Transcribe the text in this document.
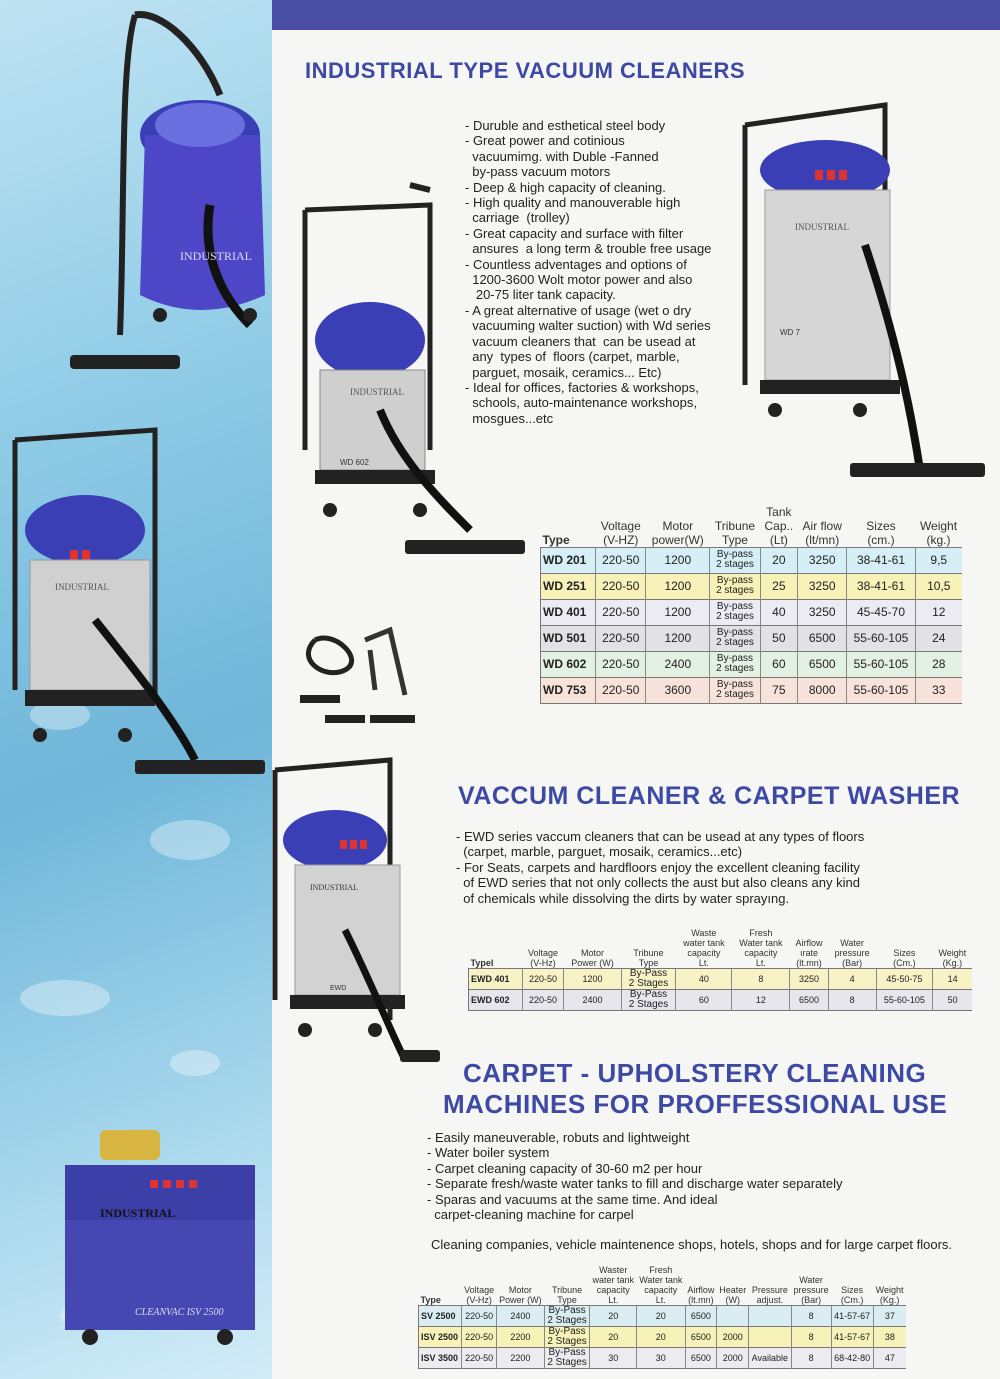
INDUSTRIAL
INDUSTRIAL
WD 602
INDUSTRIAL
WD 7
INDUSTRIAL
INDUSTRIAL
EWD
INDUSTRIAL
CLEANVAC ISV 2500
INDUSTRIAL TYPE VACUUM CLEANERS
- Duruble and esthetical steel body
- Great power and cotinious
vacuumimg. with Duble -Fanned
by-pass vacuum motors
- Deep & high capacity of cleaning.
- High quality and manouverable high
carriage  (trolley)
- Great capacity and surface with filter
ansures  a long term & trouble free usage
- Countless adventages and options of
1200-3600 Wolt motor power and also
20-75 liter tank capacity.
- A great alternative of usage (wet o dry
vacuuming walter suction) with Wd series
vacuum cleaners that  can be usead at
any  types of  floors (carpet, marble,
parguet, mosaik, ceramics... Etc)
- Ideal for offices, factories & workshops,
schools, auto-maintenance workshops,
mosgues...etc
Type	Voltage
(V-HZ)	Motor
power(W)	Tribune
Type	Tank
Cap..
(Lt)	Air flow
(lt/mn)	Sizes
(cm.)	Weight
(kg.)
WD 201	220-50	1200	By-pass
2 stages	20	3250	38-41-61	9,5
WD 251	220-50	1200	By-pass
2 stages	25	3250	38-41-61	10,5
WD 401	220-50	1200	By-pass
2 stages	40	3250	45-45-70	12
WD 501	220-50	1200	By-pass
2 stages	50	6500	55-60-105	24
WD 602	220-50	2400	By-pass
2 stages	60	6500	55-60-105	28
WD 753	220-50	3600	By-pass
2 stages	75	8000	55-60-105	33
VACCUM CLEANER & CARPET WASHER
- EWD series vaccum cleaners that can be usead at any types of floors
(carpet, marble, parguet, mosaik, ceramics...etc)
- For Seats, carpets and hardfloors enjoy the excellent cleaning facility
of EWD series that not only collects the aust but also cleans any kind
of chemicals while dissolving the dirts by water sprayıng.
Typel	Voltage
(V-Hz)	Motor
Power (W)	Tribune
Type	Waste
water tank
capacity
Lt.	Fresh
Water tank
capacity
Lt.	Airflow
ırate
(lt.mn)	Water
pressure
(Bar)	Sizes
(Cm.)	Weight
(Kg.)
EWD 401	220-50	1200	By-Pass
2 Stages	40	8	3250	4	45-50-75	14
EWD 602	220-50	2400	By-Pass
2 Stages	60	12	6500	8	55-60-105	50
CARPET - UPHOLSTERY CLEANING
MACHINES FOR PROFFESSIONAL USE
- Easily maneuverable, robuts and lightweight
- Water boiler system
- Carpet cleaning capacity of 30-60 m2 per hour
- Separate fresh/waste water tanks to fill and discharge water separately
- Sparas and vacuums at the same time. And ideal
carpet-cleaning machine for carpel
Cleaning companies, vehicle maintenence shops, hotels, shops and for large carpet floors.
Type	Voltage
(V-Hz)	Motor
Power (W)	Tribune
Type	Waster
water tank
capacity
Lt.	Fresh
Water tank
capacity
Lt.	Airflow
(lt.mn)	Heater
(W)	Pressure
adjust.	Water
pressure
(Bar)	Sizes
(Cm.)	Weight
(Kg.)
SV 2500	220-50	2400	By-Pass
2 Stages	20	20	6500			8	41-57-67	37
ISV 2500	220-50	2200	By-Pass
2 Stages	20	20	6500	2000		8	41-57-67	38
ISV 3500	220-50	2200	By-Pass
2 Stages	30	30	6500	2000	Available	8	68-42-80	47
